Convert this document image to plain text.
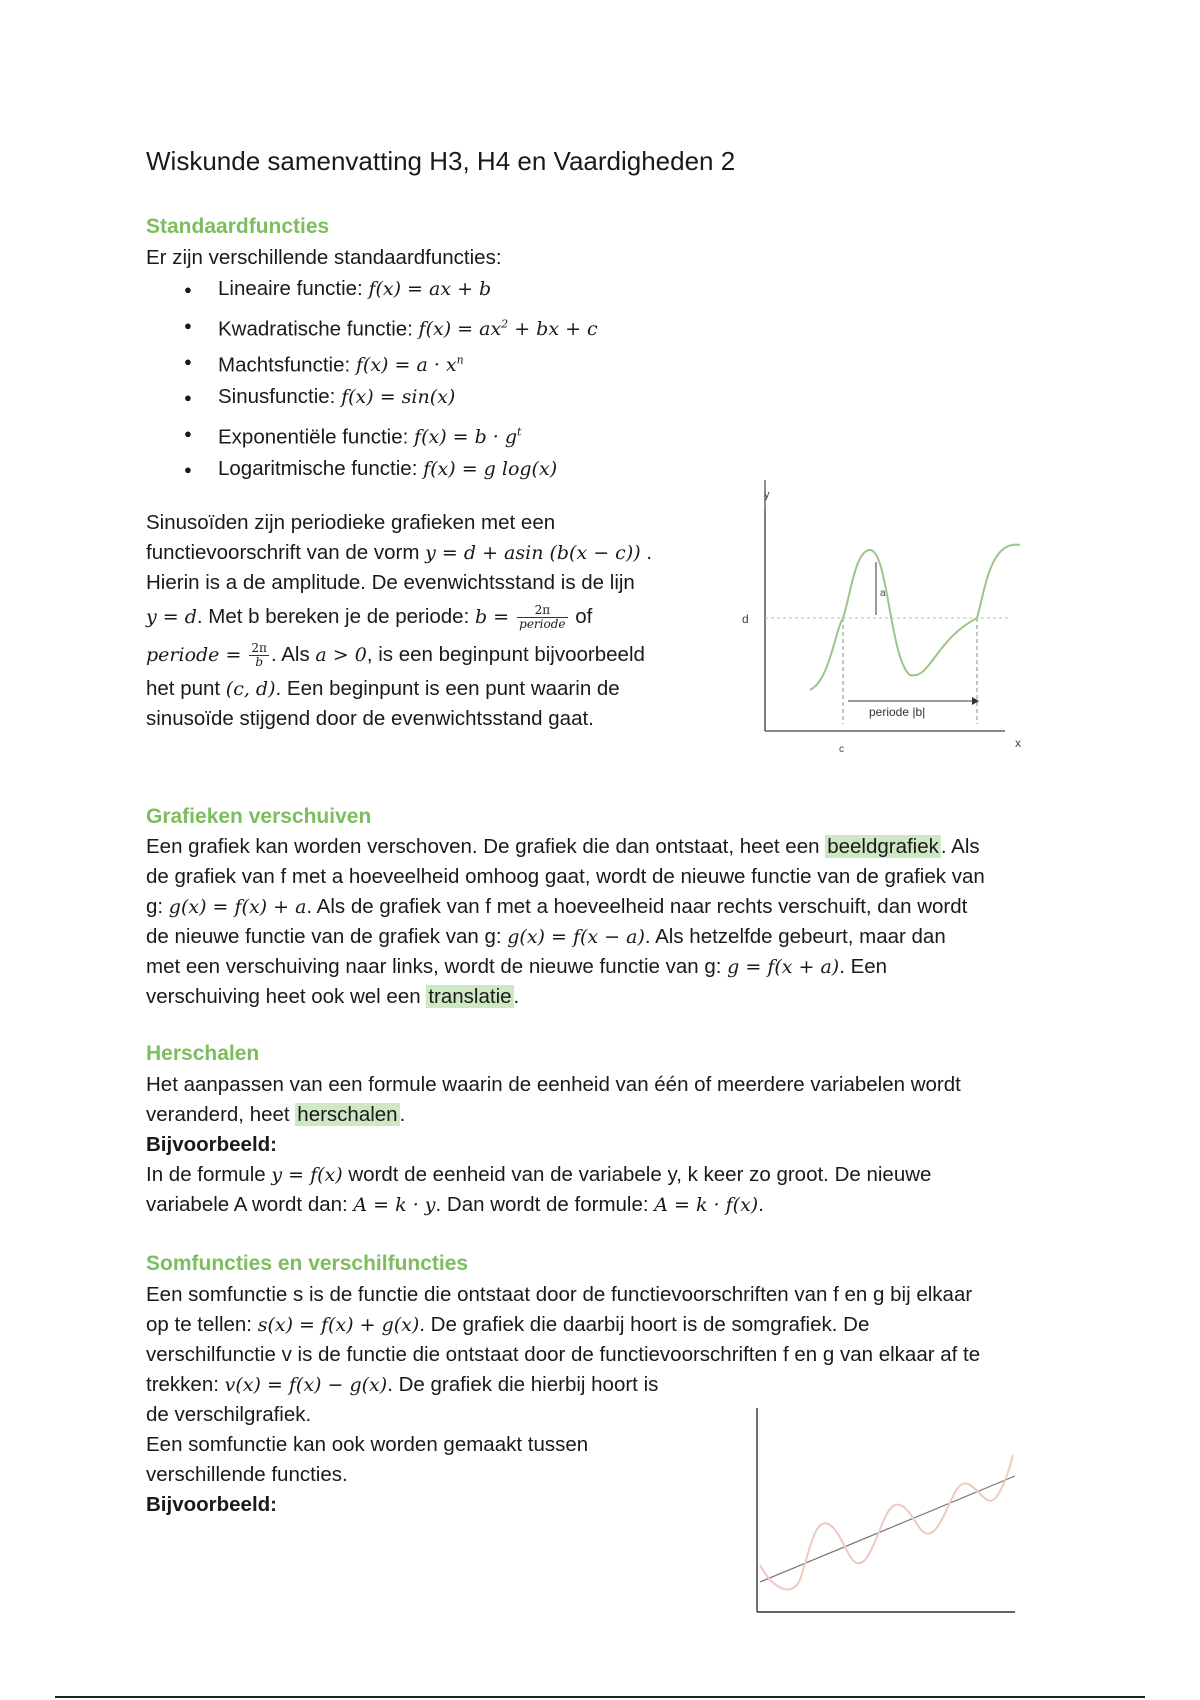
Wiskunde samenvatting H3, H4 en Vaardigheden 2
Standaardfuncties
Er zijn verschillende standaardfuncties:
● Lineaire functie: f(x) = ax + b
● Kwadratische functie: $f(x) = ax^2$ + bx + c
● Machtsfunctie: $f(x) = a \cdot x^n$
● Sinusfunctie: f(x) = sin(x)
● Exponentiële functie: $f(x) = b \cdot g^t$
● Logaritmische functie: f(x) = g log(x)
Sinusoïden zijn periodieke grafieken met een
functievoorschrift van de vorm y = d + asin (b(x − c)) .
Hierin is a de amplitude. De evenwichtsstand is de lijn
y = d. Met b bereken je de periode: $b = \frac{2\pi}{\text{periode}}$ of
periode = $\frac{2\pi}{b}$ . Als a > 0, is een beginpunt bijvoorbeeld
het punt (c, d). Een beginpunt is een punt waarin de
sinusoïde stijgend door de evenwichtsstand gaat.
y
x
d
a
c
periode |b|
Grafieken verschuiven
Een grafiek kan worden verschoven. De grafiek die dan ontstaat, heet een beeldgrafiek. Als
de grafiek van f met a hoeveelheid omhoog gaat, wordt de nieuwe functie van de grafiek van
g: g(x) = f(x) + a. Als de grafiek van f met a hoeveelheid naar rechts verschuift, dan wordt
de nieuwe functie van de grafiek van g: g(x) = f(x − a). Als hetzelfde gebeurt, maar dan
met een verschuiving naar links, wordt de nieuwe functie van g: g = f(x + a). Een
verschuiving heet ook wel een translatie.
Herschalen
Het aanpassen van een formule waarin de eenheid van één of meerdere variabelen wordt
veranderd, heet herschalen.
Bijvoorbeeld:
In de formule y = f(x) wordt de eenheid van de variabele y, k keer zo groot. De nieuwe
variabele A wordt dan: A = k · y. Dan wordt de formule: A = k · f(x).
Somfuncties en verschilfuncties
Een somfunctie s is de functie die ontstaat door de functievoorschriften van f en g bij elkaar
op te tellen: s(x) = f(x) + g(x). De grafiek die daarbij hoort is de somgrafiek. De
verschilfunctie v is de functie die ontstaat door de functievoorschriften f en g van elkaar af te
trekken: v(x) = f(x) − g(x). De grafiek die hierbij hoort is
de verschilgrafiek.
Een somfunctie kan ook worden gemaakt tussen
verschillende functies.
Bijvoorbeeld:
